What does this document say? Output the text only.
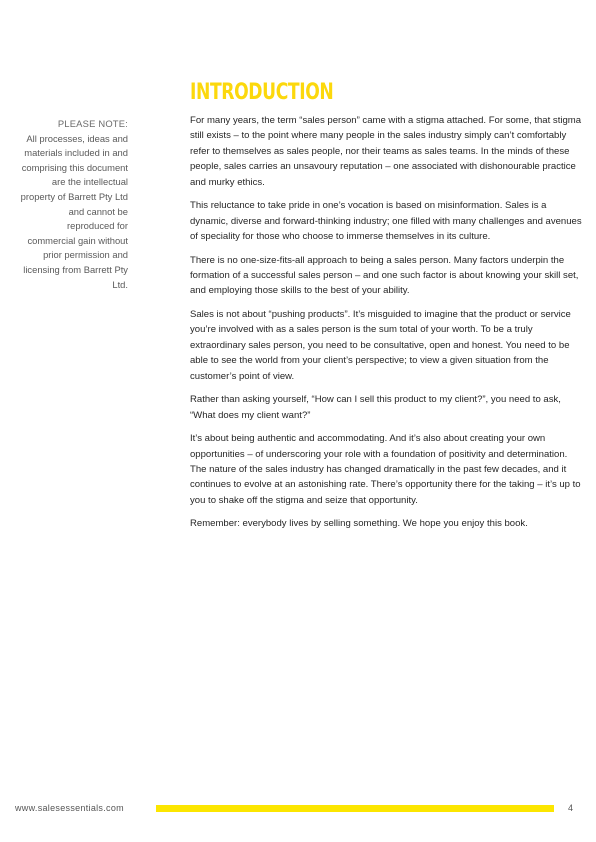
PLEASE NOTE:
All processes, ideas and materials included in and comprising this document are the intellectual property of Barrett Pty Ltd and cannot be reproduced for commercial gain without prior permission and licensing from Barrett Pty Ltd.
INTRODUCTION

For many years, the term “sales person” came with a stigma attached. For some, that stigma still exists – to the point where many people in the sales industry simply can’t comfortably refer to themselves as sales people, nor their teams as sales teams. In the minds of these people, sales carries an unsavoury reputation – one associated with dishonourable practice and murky ethics.

This reluctance to take pride in one’s vocation is based on misinformation. Sales is a dynamic, diverse and forward-thinking industry; one filled with many challenges and avenues of speciality for those who choose to immerse themselves in its culture.

There is no one-size-fits-all approach to being a sales person. Many factors underpin the formation of a successful sales person – and one such factor is about knowing your skill set, and employing those skills to the best of your ability.

Sales is not about “pushing products”. It’s misguided to imagine that the product or service you’re involved with as a sales person is the sum total of your worth. To be a truly extraordinary sales person, you need to be consultative, open and honest. You need to be able to see the world from your client’s perspective; to view a given situation from the customer’s point of view.

Rather than asking yourself, “How can I sell this product to my client?”, you need to ask, “What does my client want?”

It’s about being authentic and accommodating. And it’s also about creating your own opportunities – of underscoring your role with a foundation of positivity and determination. The nature of the sales industry has changed dramatically in the past few decades, and it continues to evolve at an astonishing rate. There’s opportunity there for the taking – it’s up to you to shake off the stigma and seize that opportunity.

Remember: everybody lives by selling something. We hope you enjoy this book.

www.salesessentials.com	4
